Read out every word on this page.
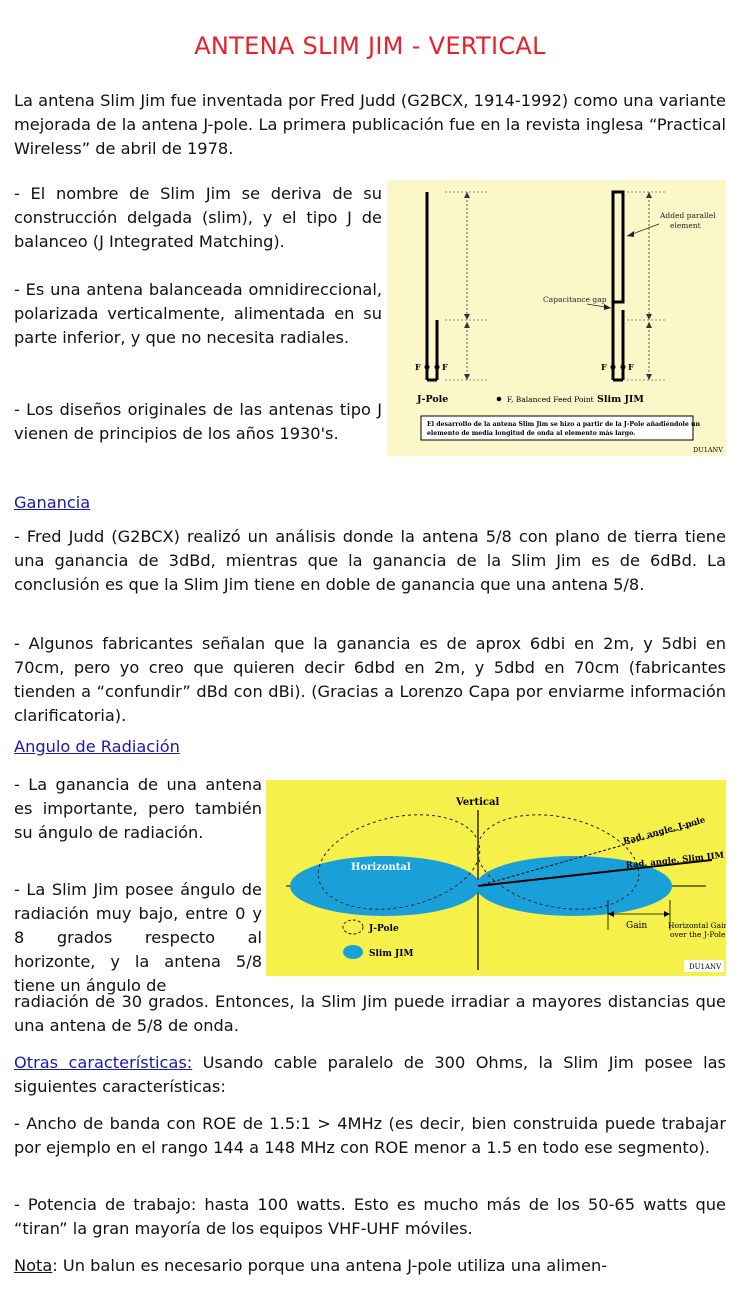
ANTENA SLIM JIM - VERTICAL

La antena Slim Jim fue inventada por Fred Judd (G2BCX, 1914-1992) como una variante mejorada de la antena J-pole. La primera publicación fue en la revista inglesa “Practical Wireless” de abril de 1978.

- El nombre de Slim Jim se deriva de su construcción delgada (slim), y el tipo J de balanceo (J Integrated Matching).

- Es una antena balanceada omnidireccional, polarizada verticalmente, alimentada en su parte inferior, y que no necesita radiales.

- Los diseños originales de las antenas tipo J vienen de principios de los años 1930's.

F	F	F	F
Added parallel
element
Capacitance gap
J-Pole	F, Balanced Feed Point Slim JIM
El desarrollo de la antena Slim Jim se hizo a partir de la J-Pole añadiéndole un
elemento de media longitud de onda al elemento más largo.
DU1ANV
Ganancia

- Fred Judd (G2BCX) realizó un análisis donde la antena 5/8 con plano de tierra tiene una ganancia de 3dBd, mientras que la ganancia de la Slim Jim es de 6dBd. La conclusión es que la Slim Jim tiene en doble de ganancia que una antena 5/8.

- Algunos fabricantes señalan que la ganancia es de aprox 6dbi en 2m, y 5dbi en 70cm, pero yo creo que quieren decir 6dbd en 2m, y 5dbd en 70cm (fabricantes tienden a “confundir” dBd con dBi). (Gracias a Lorenzo Capa por enviarme información clarificatoria).

Angulo de Radiación

- La ganancia de una antena es importante, pero también su ángulo de radiación.

- La Slim Jim posee ángulo de radiación muy bajo, entre 0 y 8 grados respecto al horizonte, y la antena 5/8 tiene un ángulo de

radiación de 30 grados. Entonces, la Slim Jim puede irradiar a mayores distancias que una antena de 5/8 de onda.

Vertical
Horizontal
Rad. angle, J-pole
Rad. angle, Slim JIM
Gain	Horizontal Gain
over the J-Pole
J-Pole
Slim JIM
DU1ANV

Otras características: Usando cable paralelo de 300 Ohms, la Slim Jim posee las siguientes características:

- Ancho de banda con ROE de 1.5:1 > 4MHz (es decir, bien construida puede trabajar por ejemplo en el rango 144 a 148 MHz con ROE menor a 1.5 en todo ese segmento).

- Potencia de trabajo: hasta 100 watts. Esto es mucho más de los 50-65 watts que “tiran” la gran mayoría de los equipos VHF-UHF móviles.

Nota: Un balun es necesario porque una antena J-pole utiliza una alimen-
